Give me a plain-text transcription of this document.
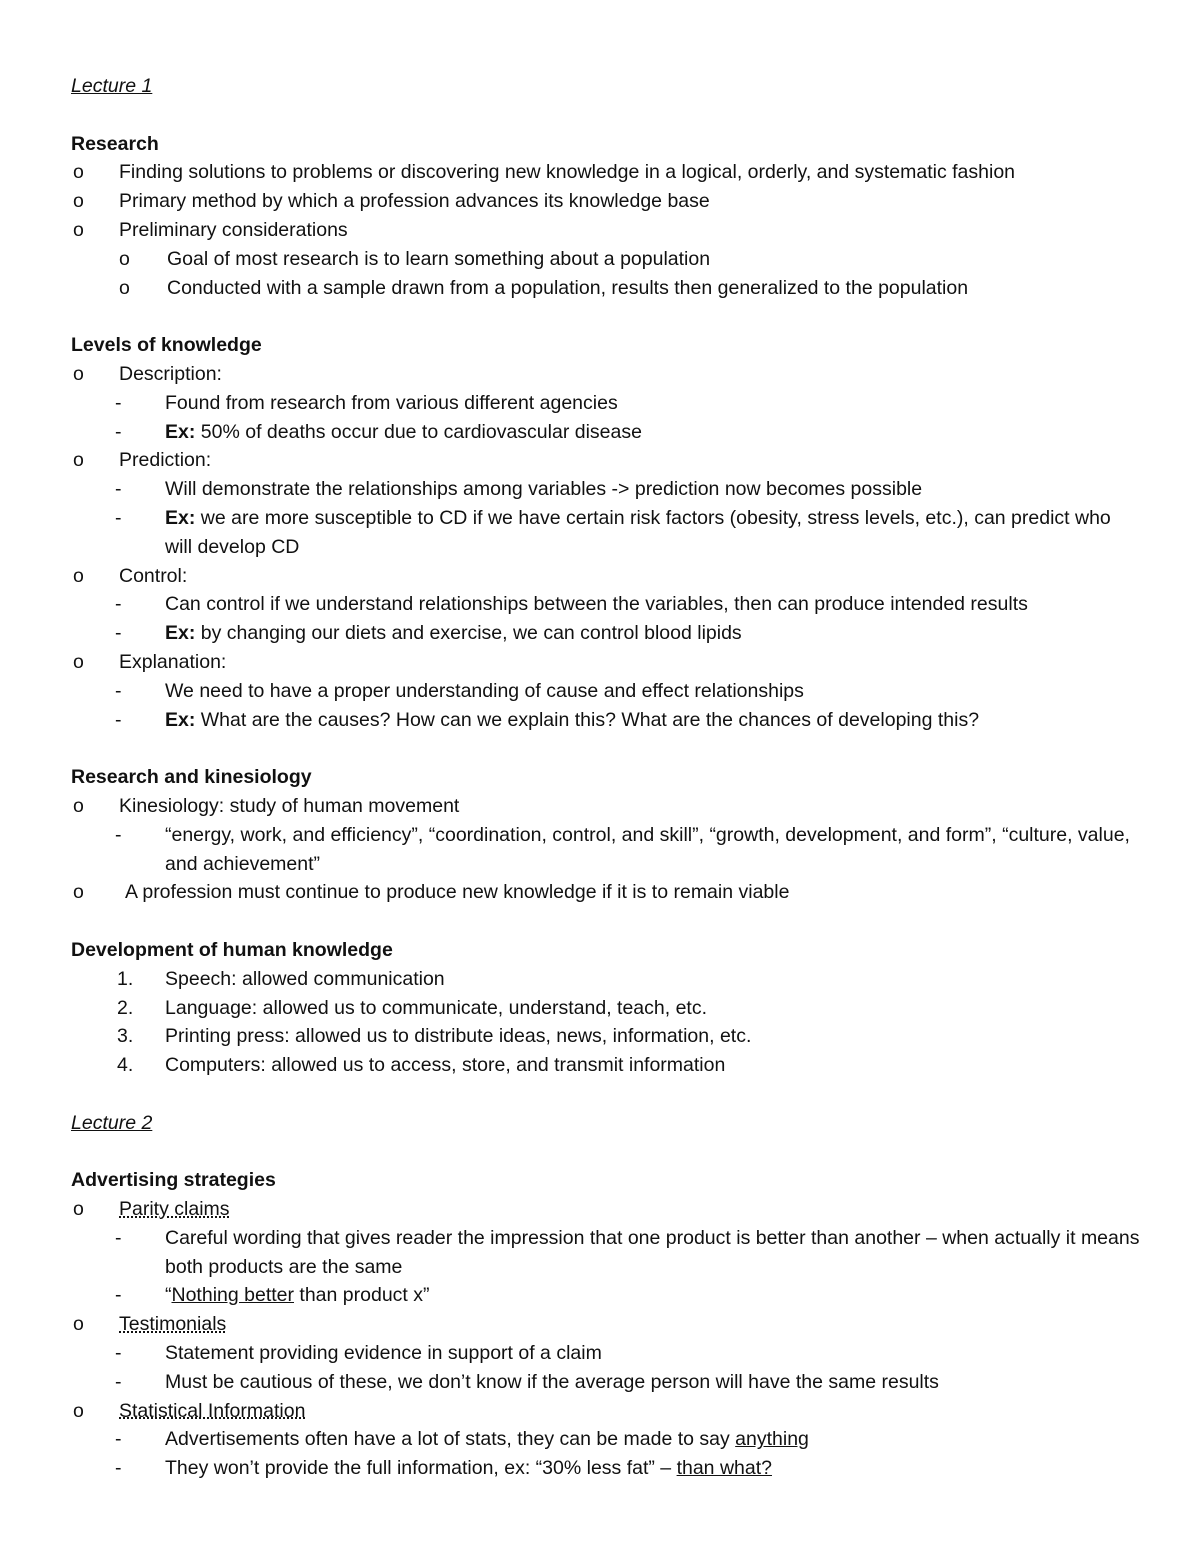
Lecture 1
Research
o	Finding solutions to problems or discovering new knowledge in a logical, orderly, and systematic fashion
o	Primary method by which a profession advances its knowledge base
o	Preliminary considerations
o	Goal of most research is to learn something about a population
o	Conducted with a sample drawn from a population, results then generalized to the population
Levels of knowledge
o	Description:
-	Found from research from various different agencies
-	Ex: 50% of deaths occur due to cardiovascular disease
o	Prediction:
-	Will demonstrate the relationships among variables -> prediction now becomes possible
-	Ex: we are more susceptible to CD if we have certain risk factors (obesity, stress levels, etc.), can predict who will develop CD
o	Control:
-	Can control if we understand relationships between the variables, then can produce intended results
-	Ex: by changing our diets and exercise, we can control blood lipids
o	Explanation:
-	We need to have a proper understanding of cause and effect relationships
-	Ex: What are the causes? How can we explain this? What are the chances of developing this?
Research and kinesiology
o	Kinesiology: study of human movement
-	“energy, work, and efficiency”, “coordination, control, and skill”, “growth, development, and form”, “culture, value, and achievement”
o	A profession must continue to produce new knowledge if it is to remain viable
Development of human knowledge
1.	Speech: allowed communication
2.	Language: allowed us to communicate, understand, teach, etc.
3.	Printing press: allowed us to distribute ideas, news, information, etc.
4.	Computers: allowed us to access, store, and transmit information
Lecture 2
Advertising strategies
o	Parity claims
-	Careful wording that gives reader the impression that one product is better than another – when actually it means both products are the same
-	“Nothing better than product x”
o	Testimonials
-	Statement providing evidence in support of a claim
-	Must be cautious of these, we don’t know if the average person will have the same results
o	Statistical Information
-	Advertisements often have a lot of stats, they can be made to say anything
-	They won’t provide the full information, ex: “30% less fat” – than what?
